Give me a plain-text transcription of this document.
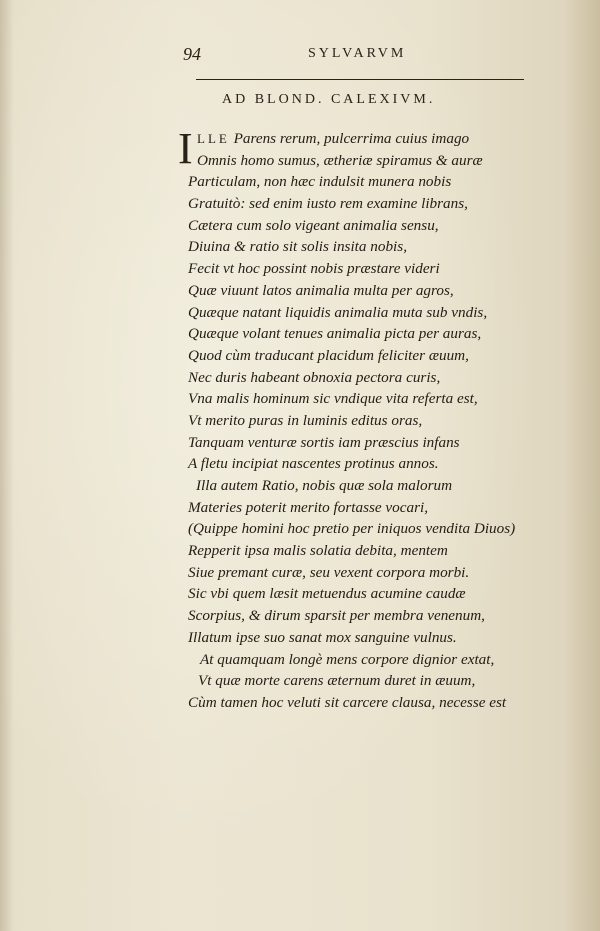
94	SYLVARVM
AD BLOND. CALEXIVM.
I LLE Parens rerum, pulcerrima cuius imago
Omnis homo sumus, ætheriæ spiramus & auræ
Particulam, non hæc indulsit munera nobis
Gratuitò: sed enim iusto rem examine librans,
Cætera cum solo vigeant animalia sensu,
Diuina & ratio sit solis insita nobis,
Fecit vt hoc possint nobis præstare videri
Quæ viuunt latos animalia multa per agros,
Quæque natant liquidis animalia muta sub vndis,
Quæque volant tenues animalia picta per auras,
Quod cùm traducant placidum feliciter æuum,
Nec duris habeant obnoxia pectora curis,
Vna malis hominum sic vndique vita referta est,
Vt merito puras in luminis editus oras,
Tanquam venturæ sortis iam præscius infans
A fletu incipiat nascentes protinus annos.
Illa autem Ratio, nobis quæ sola malorum
Materies poterit merito fortasse vocari,
(Quippe homini hoc pretio per iniquos vendita Diuos)
Repperit ipsa malis solatia debita, mentem
Siue premant curæ, seu vexent corpora morbi.
Sic vbi quem læsit metuendus acumine caudæ
Scorpius, & dirum sparsit per membra venenum,
Illatum ipse suo sanat mox sanguine vulnus.
At quamquam longè mens corpore dignior extat,
Vt quæ morte carens æternum duret in æuum,
Cùm tamen hoc veluti sit carcere clausa, necesse est
